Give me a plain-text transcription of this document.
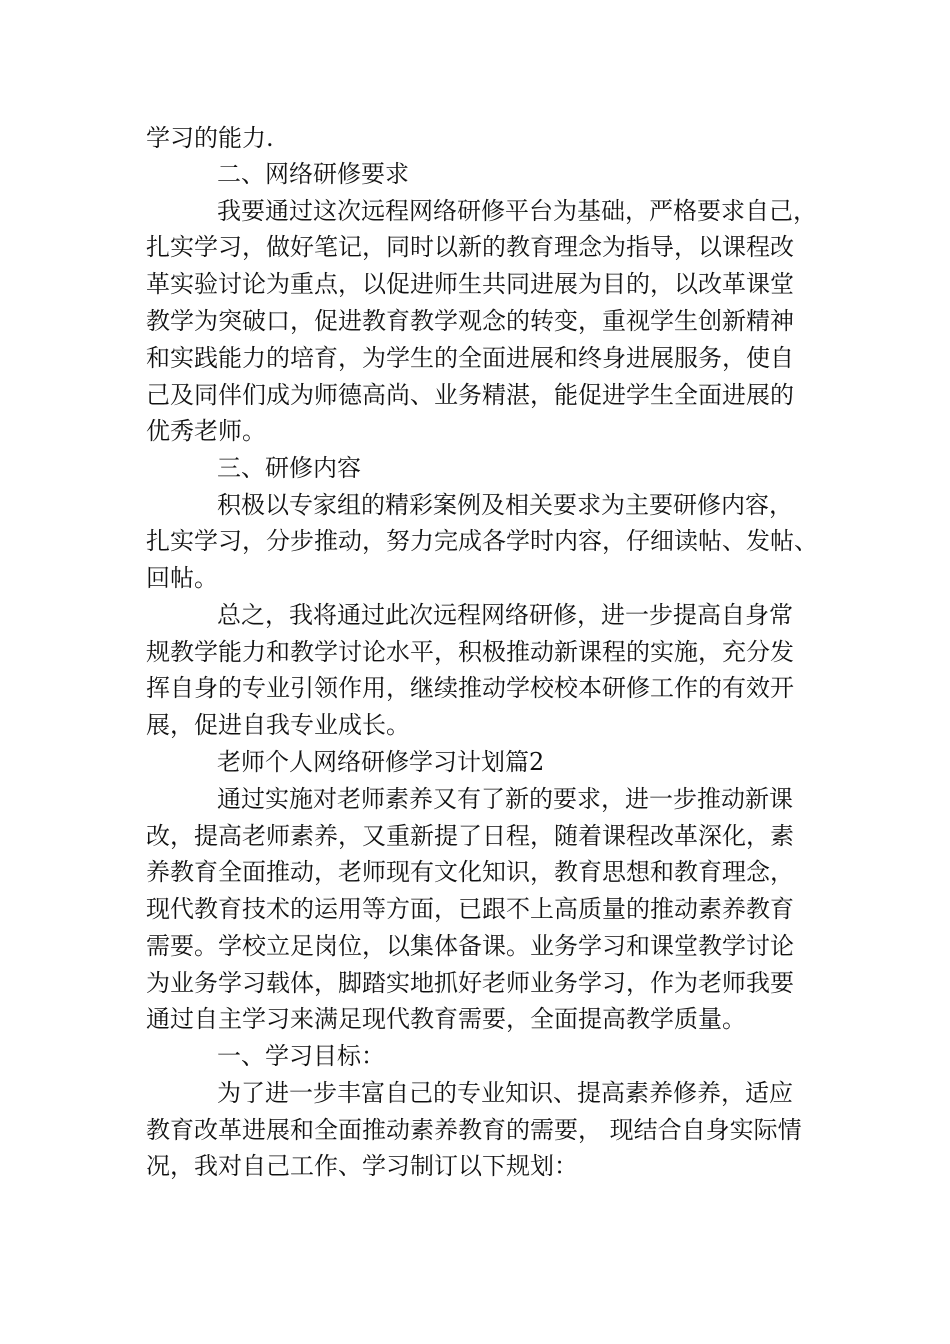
学习的能力.
二、网络研修要求
我要通过这次远程网络研修平台为基础，严格要求自己，
扎实学习，做好笔记，同时以新的教育理念为指导，以课程改
革实验讨论为重点，以促进师生共同进展为目的，以改革课堂
教学为突破口，促进教育教学观念的转变，重视学生创新精神
和实践能力的培育，为学生的全面进展和终身进展服务，使自
己及同伴们成为师德高尚、业务精湛，能促进学生全面进展的
优秀老师。
三、研修内容
积极以专家组的精彩案例及相关要求为主要研修内容，
扎实学习，分步推动，努力完成各学时内容，仔细读帖、发帖、
回帖。
总之，我将通过此次远程网络研修，进一步提高自身常
规教学能力和教学讨论水平，积极推动新课程的实施，充分发
挥自身的专业引领作用，继续推动学校校本研修工作的有效开
展，促进自我专业成长。
老师个人网络研修学习计划篇2
通过实施对老师素养又有了新的要求，进一步推动新课
改，提高老师素养，又重新提了日程，随着课程改革深化，素
养教育全面推动，老师现有文化知识，教育思想和教育理念，
现代教育技术的运用等方面，已跟不上高质量的推动素养教育
需要。学校立足岗位，以集体备课。业务学习和课堂教学讨论
为业务学习载体，脚踏实地抓好老师业务学习，作为老师我要
通过自主学习来满足现代教育需要，全面提高教学质量。
一、学习目标：
为了进一步丰富自己的专业知识、提高素养修养，适应
教育改革进展和全面推动素养教育的需要， 现结合自身实际情
况，我对自己工作、学习制订以下规划：
